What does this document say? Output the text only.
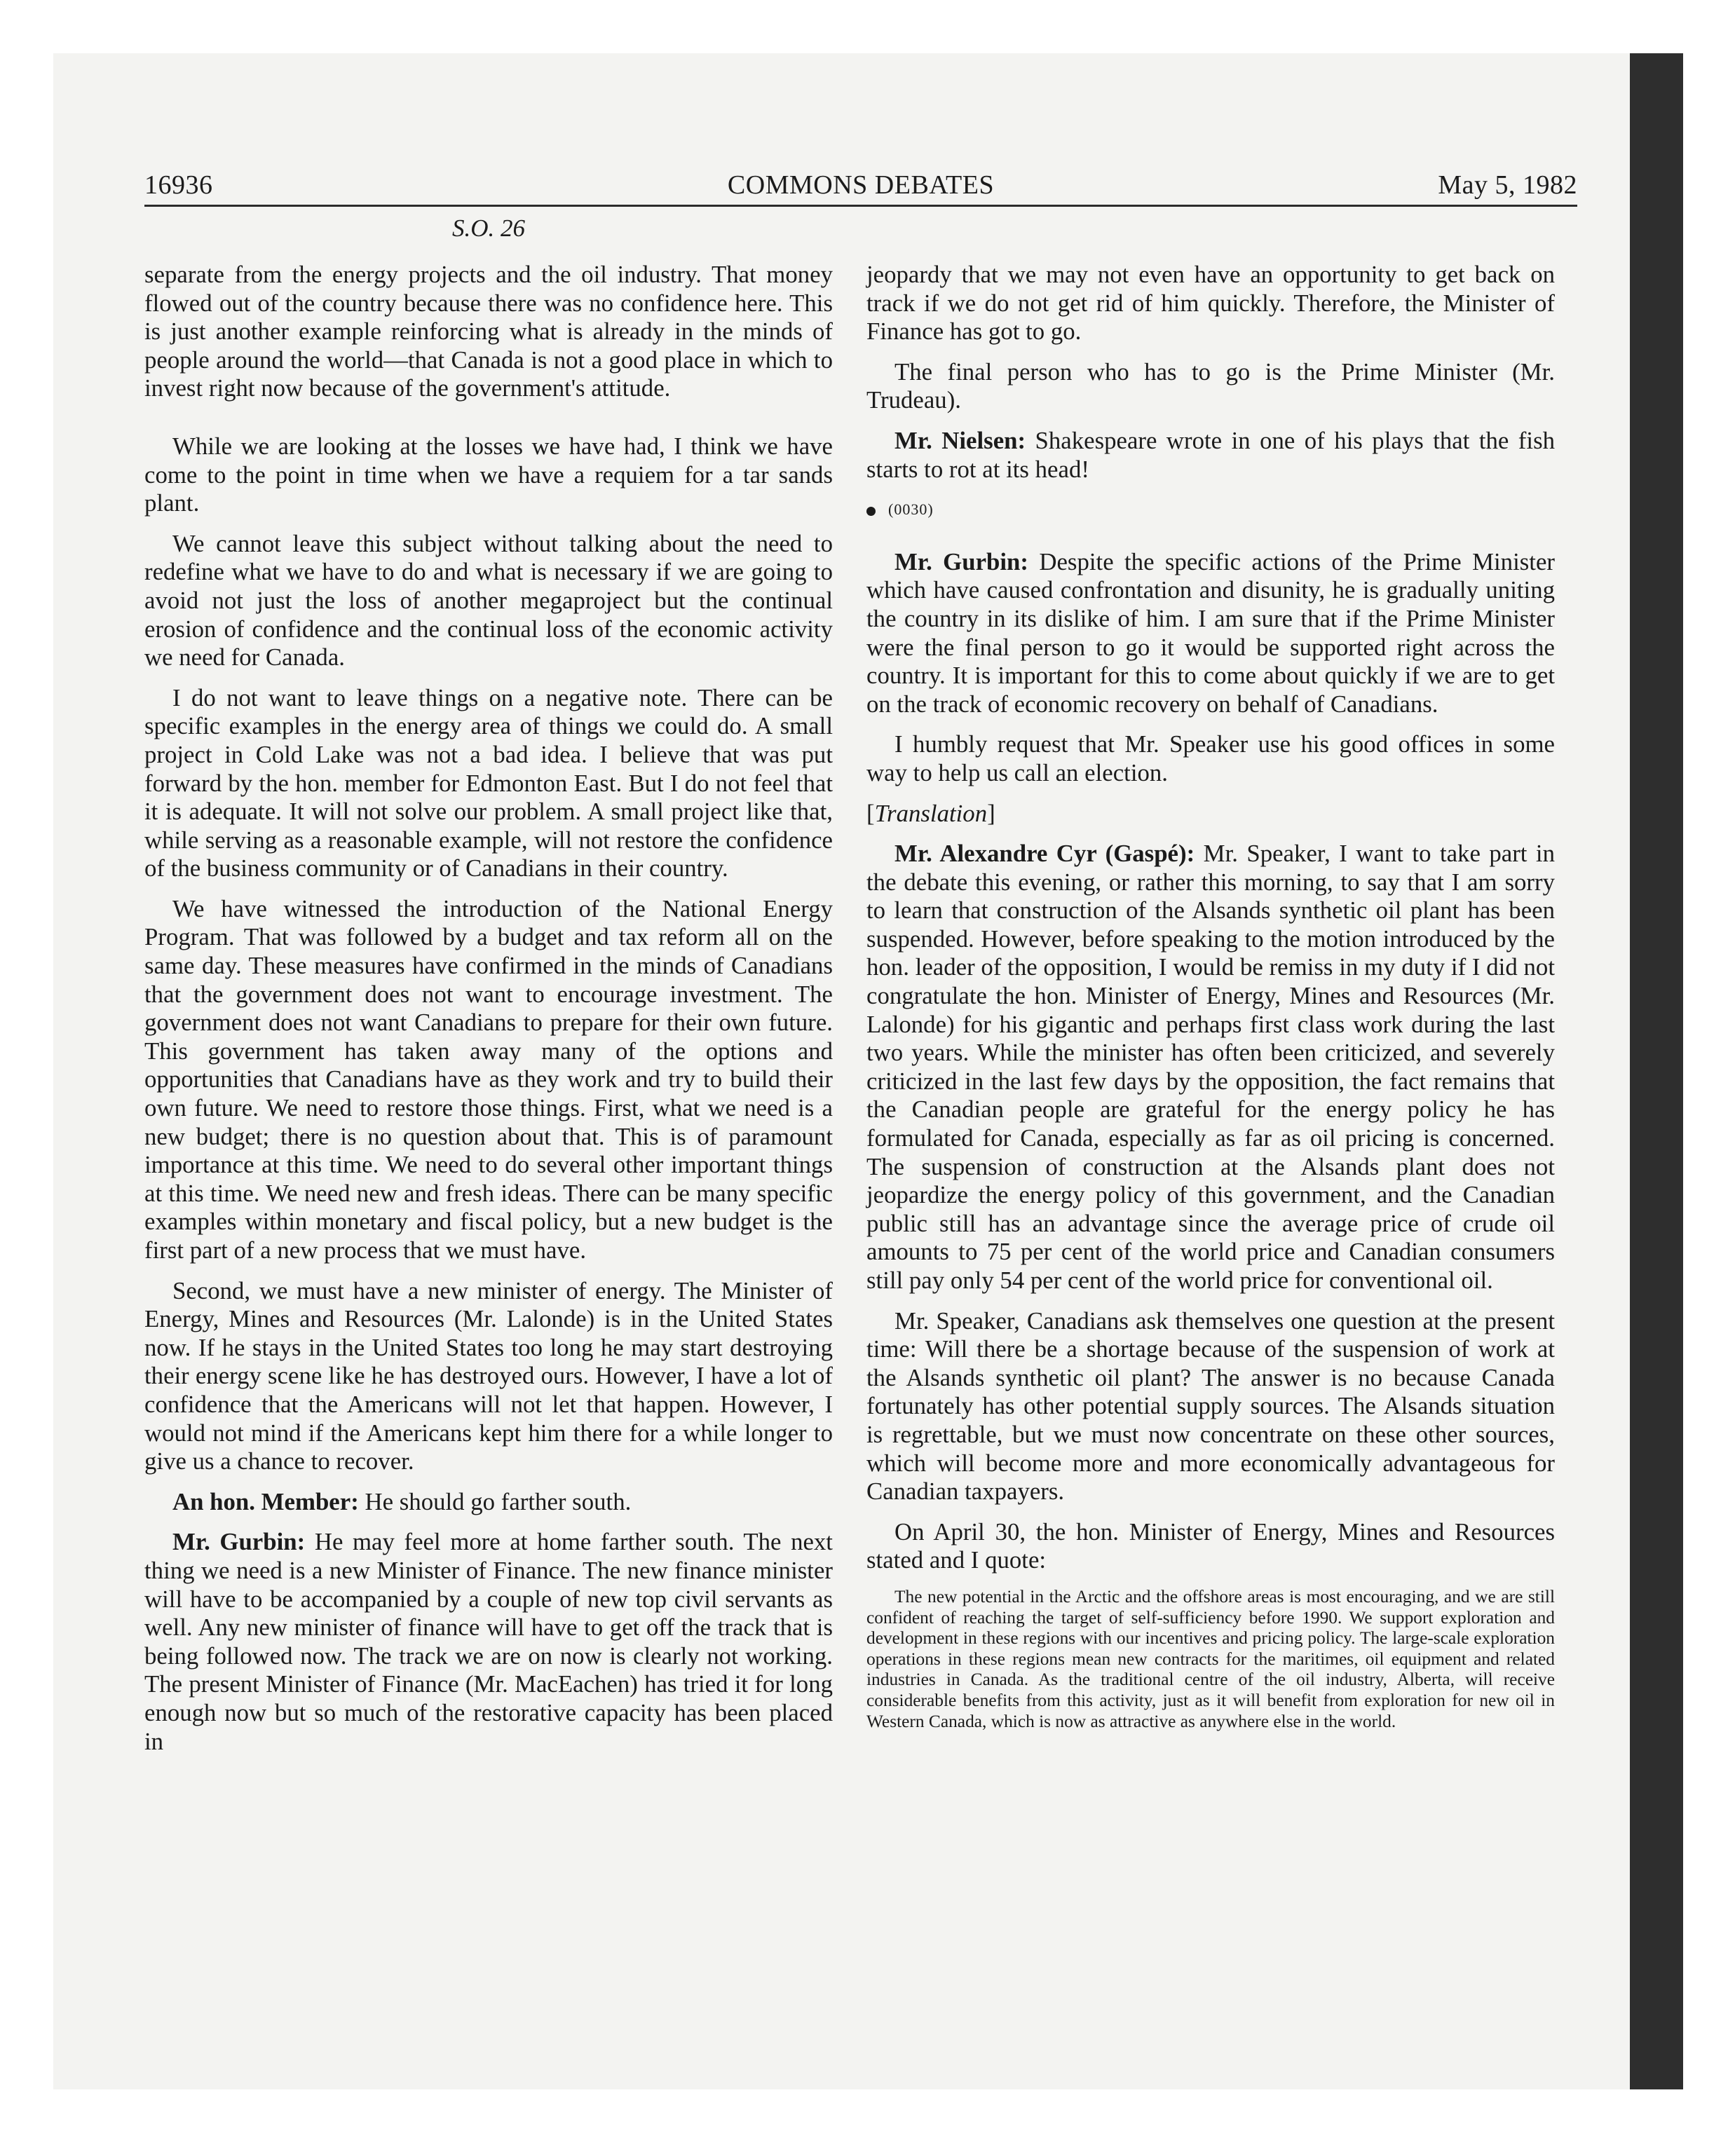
16936	COMMONS DEBATES	May 5, 1982
S.O. 26

separate from the energy projects and the oil industry. That money flowed out of the country because there was no confidence here. This is just another example reinforcing what is already in the minds of people around the world—that Canada is not a good place in which to invest right now because of the government's attitude.

While we are looking at the losses we have had, I think we have come to the point in time when we have a requiem for a tar sands plant.

We cannot leave this subject without talking about the need to redefine what we have to do and what is necessary if we are going to avoid not just the loss of another megaproject but the continual erosion of confidence and the continual loss of the economic activity we need for Canada.

I do not want to leave things on a negative note. There can be specific examples in the energy area of things we could do. A small project in Cold Lake was not a bad idea. I believe that was put forward by the hon. member for Edmonton East. But I do not feel that it is adequate. It will not solve our problem. A small project like that, while serving as a reasonable example, will not restore the confidence of the business community or of Canadians in their country.

We have witnessed the introduction of the National Energy Program. That was followed by a budget and tax reform all on the same day. These measures have confirmed in the minds of Canadians that the government does not want to encourage investment. The government does not want Canadians to prepare for their own future. This government has taken away many of the options and opportunities that Canadians have as they work and try to build their own future. We need to restore those things. First, what we need is a new budget; there is no question about that. This is of paramount importance at this time. We need to do several other important things at this time. We need new and fresh ideas. There can be many specific examples within monetary and fiscal policy, but a new budget is the first part of a new process that we must have.

Second, we must have a new minister of energy. The Minister of Energy, Mines and Resources (Mr. Lalonde) is in the United States now. If he stays in the United States too long he may start destroying their energy scene like he has destroyed ours. However, I have a lot of confidence that the Americans will not let that happen. However, I would not mind if the Americans kept him there for a while longer to give us a chance to recover.

An hon. Member: He should go farther south.

Mr. Gurbin: He may feel more at home farther south. The next thing we need is a new Minister of Finance. The new finance minister will have to be accompanied by a couple of new top civil servants as well. Any new minister of finance will have to get off the track that is being followed now. The track we are on now is clearly not working. The present Minister of Finance (Mr. MacEachen) has tried it for long enough now but so much of the restorative capacity has been placed in

jeopardy that we may not even have an opportunity to get back on track if we do not get rid of him quickly. Therefore, the Minister of Finance has got to go.

The final person who has to go is the Prime Minister (Mr. Trudeau).

Mr. Nielsen: Shakespeare wrote in one of his plays that the fish starts to rot at its head!

(0030)

Mr. Gurbin: Despite the specific actions of the Prime Minister which have caused confrontation and disunity, he is gradually uniting the country in its dislike of him. I am sure that if the Prime Minister were the final person to go it would be supported right across the country. It is important for this to come about quickly if we are to get on the track of economic recovery on behalf of Canadians.

I humbly request that Mr. Speaker use his good offices in some way to help us call an election.

[Translation]

Mr. Alexandre Cyr (Gaspé): Mr. Speaker, I want to take part in the debate this evening, or rather this morning, to say that I am sorry to learn that construction of the Alsands synthetic oil plant has been suspended. However, before speaking to the motion introduced by the hon. leader of the opposition, I would be remiss in my duty if I did not congratulate the hon. Minister of Energy, Mines and Resources (Mr. Lalonde) for his gigantic and perhaps first class work during the last two years. While the minister has often been criticized, and severely criticized in the last few days by the opposition, the fact remains that the Canadian people are grateful for the energy policy he has formulated for Canada, especially as far as oil pricing is concerned. The suspension of construction at the Alsands plant does not jeopardize the energy policy of this government, and the Canadian public still has an advantage since the average price of crude oil amounts to 75 per cent of the world price and Canadian consumers still pay only 54 per cent of the world price for conventional oil.

Mr. Speaker, Canadians ask themselves one question at the present time: Will there be a shortage because of the suspension of work at the Alsands synthetic oil plant? The answer is no because Canada fortunately has other potential supply sources. The Alsands situation is regrettable, but we must now concentrate on these other sources, which will become more and more economically advantageous for Canadian taxpayers.

On April 30, the hon. Minister of Energy, Mines and Resources stated and I quote:

The new potential in the Arctic and the offshore areas is most encouraging, and we are still confident of reaching the target of self-sufficiency before 1990. We support exploration and development in these regions with our incentives and pricing policy. The large-scale exploration operations in these regions mean new contracts for the maritimes, oil equipment and related industries in Canada. As the traditional centre of the oil industry, Alberta, will receive considerable benefits from this activity, just as it will benefit from exploration for new oil in Western Canada, which is now as attractive as anywhere else in the world.
